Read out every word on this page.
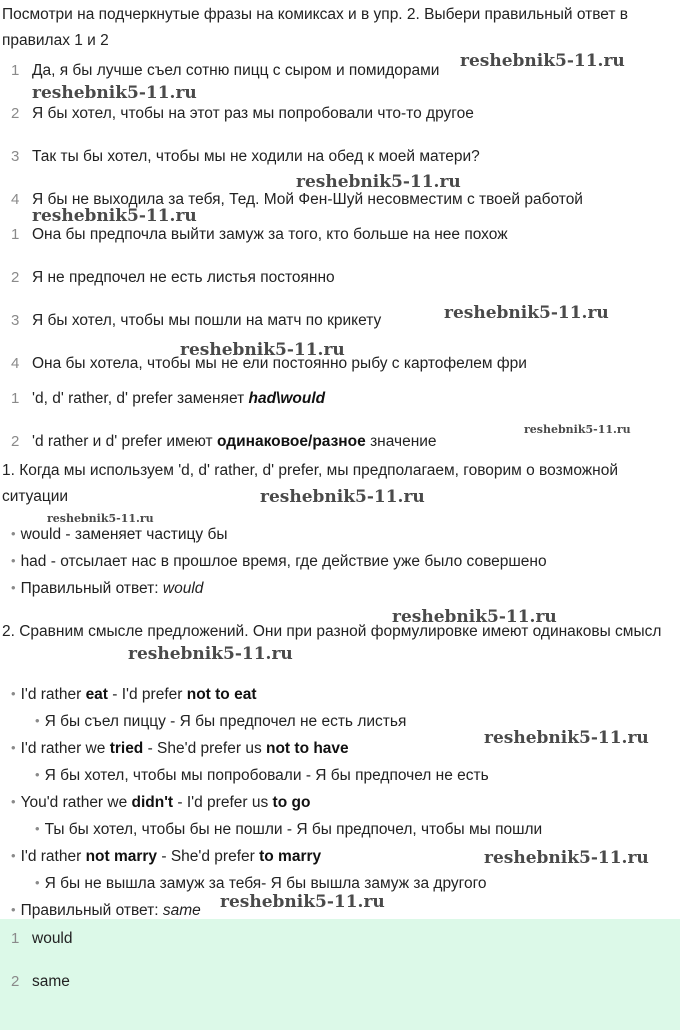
Посмотри на подчеркнутые фразы на комиксах и в упр. 2. Выбери правильный ответ в правилах 1 и 2
1 Да, я бы лучше съел сотню пицц с сыром и помидорами
2 Я бы хотел, чтобы на этот раз мы попробовали что-то другое
3 Так ты бы хотел, чтобы мы не ходили на обед к моей матери?
4 Я бы не выходила за тебя, Тед. Мой Фен-Шуй несовместим с твоей работой
1 Она бы предпочла выйти замуж за того, кто больше на нее похож
2 Я не предпочел не есть листья постоянно
3 Я бы хотел, чтобы мы пошли на матч по крикету
4 Она бы хотела, чтобы мы не ели постоянно рыбу с картофелем фри
1 'd, d' rather, d' prefer заменяет had\would
2 'd rather и d' prefer имеют одинаковое/разное значение
1. Когда мы используем 'd, d' rather, d' prefer, мы предполагаем, говорим о возможной ситуации
• would - заменяет частицу бы
• had - отсылает нас в прошлое время, где действие уже было совершено
• Правильный ответ: would
2. Сравним смысле предложений. Они при разной формулировке имеют одинаковы смысл
• I'd rather eat - I'd prefer not to eat
• Я бы съел пиццу - Я бы предпочел не есть листья
• I'd rather we tried - She'd prefer us not to have
• Я бы хотел, чтобы мы попробовали - Я бы предпочел не есть
• You'd rather we didn't - I'd prefer us to go
• Ты бы хотел, чтобы бы не пошли - Я бы предпочел, чтобы мы пошли
• I'd rather not marry - She'd prefer to marry
• Я бы не вышла замуж за тебя- Я бы вышла замуж за другого
• Правильный ответ: same
1 would
2 same
reshebnik5-11.ru
reshebnik5-11.ru
reshebnik5-11.ru
reshebnik5-11.ru
reshebnik5-11.ru
reshebnik5-11.ru
reshebnik5-11.ru
reshebnik5-11.ru
reshebnik5-11.ru
reshebnik5-11.ru
reshebnik5-11.ru
reshebnik5-11.ru
reshebnik5-11.ru
reshebnik5-11.ru
